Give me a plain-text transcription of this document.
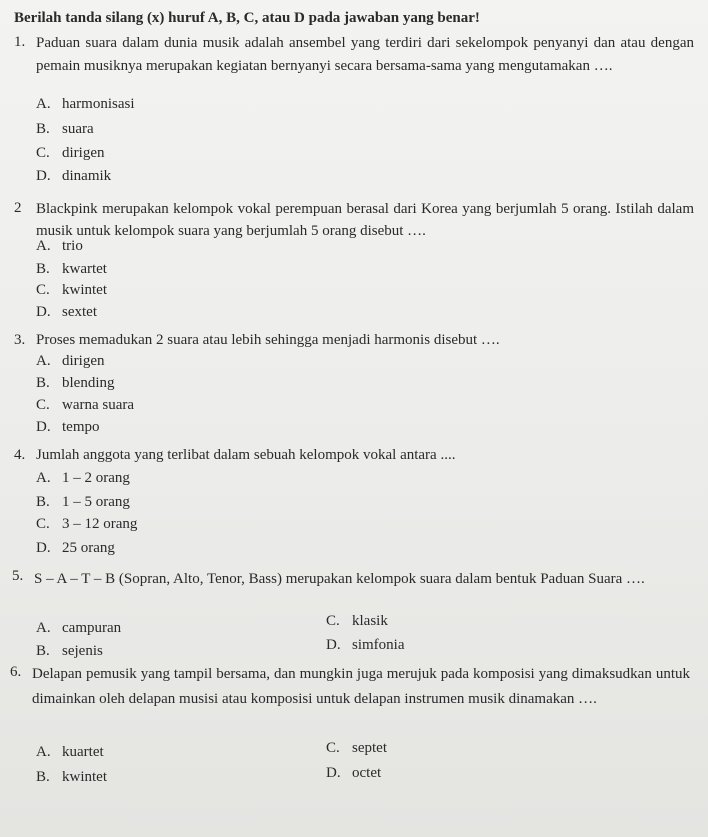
Berilah tanda silang (x) huruf A, B, C, atau D pada jawaban yang benar!
1. Paduan suara dalam dunia musik adalah ansembel yang terdiri dari sekelompok penyanyi dan atau dengan pemain musiknya merupakan kegiatan bernyanyi secara bersama-sama yang mengutamakan ….
A. harmonisasi
B. suara
C. dirigen
D. dinamik
2 Blackpink merupakan kelompok vokal perempuan berasal dari Korea yang berjumlah 5 orang. Istilah dalam musik untuk kelompok suara yang berjumlah 5 orang disebut ….
A. trio
B. kwartet
C. kwintet
D. sextet
3. Proses memadukan 2 suara atau lebih sehingga menjadi harmonis disebut ….
A. dirigen
B. blending
C. warna suara
D. tempo
4. Jumlah anggota yang terlibat dalam sebuah kelompok vokal antara ....
A. 1 – 2 orang
B. 1 – 5 orang
C. 3 – 12 orang
D. 25 orang
5. S – A – T – B (Sopran, Alto, Tenor, Bass) merupakan kelompok suara dalam bentuk Paduan Suara ….
A. campuran
B. sejenis
C. klasik
D. simfonia
6. Delapan pemusik yang tampil bersama, dan mungkin juga merujuk pada komposisi yang dimaksudkan untuk dimainkan oleh delapan musisi atau komposisi untuk delapan instrumen musik dinamakan ….
A. kuartet
B. kwintet
C. septet
D. octet
